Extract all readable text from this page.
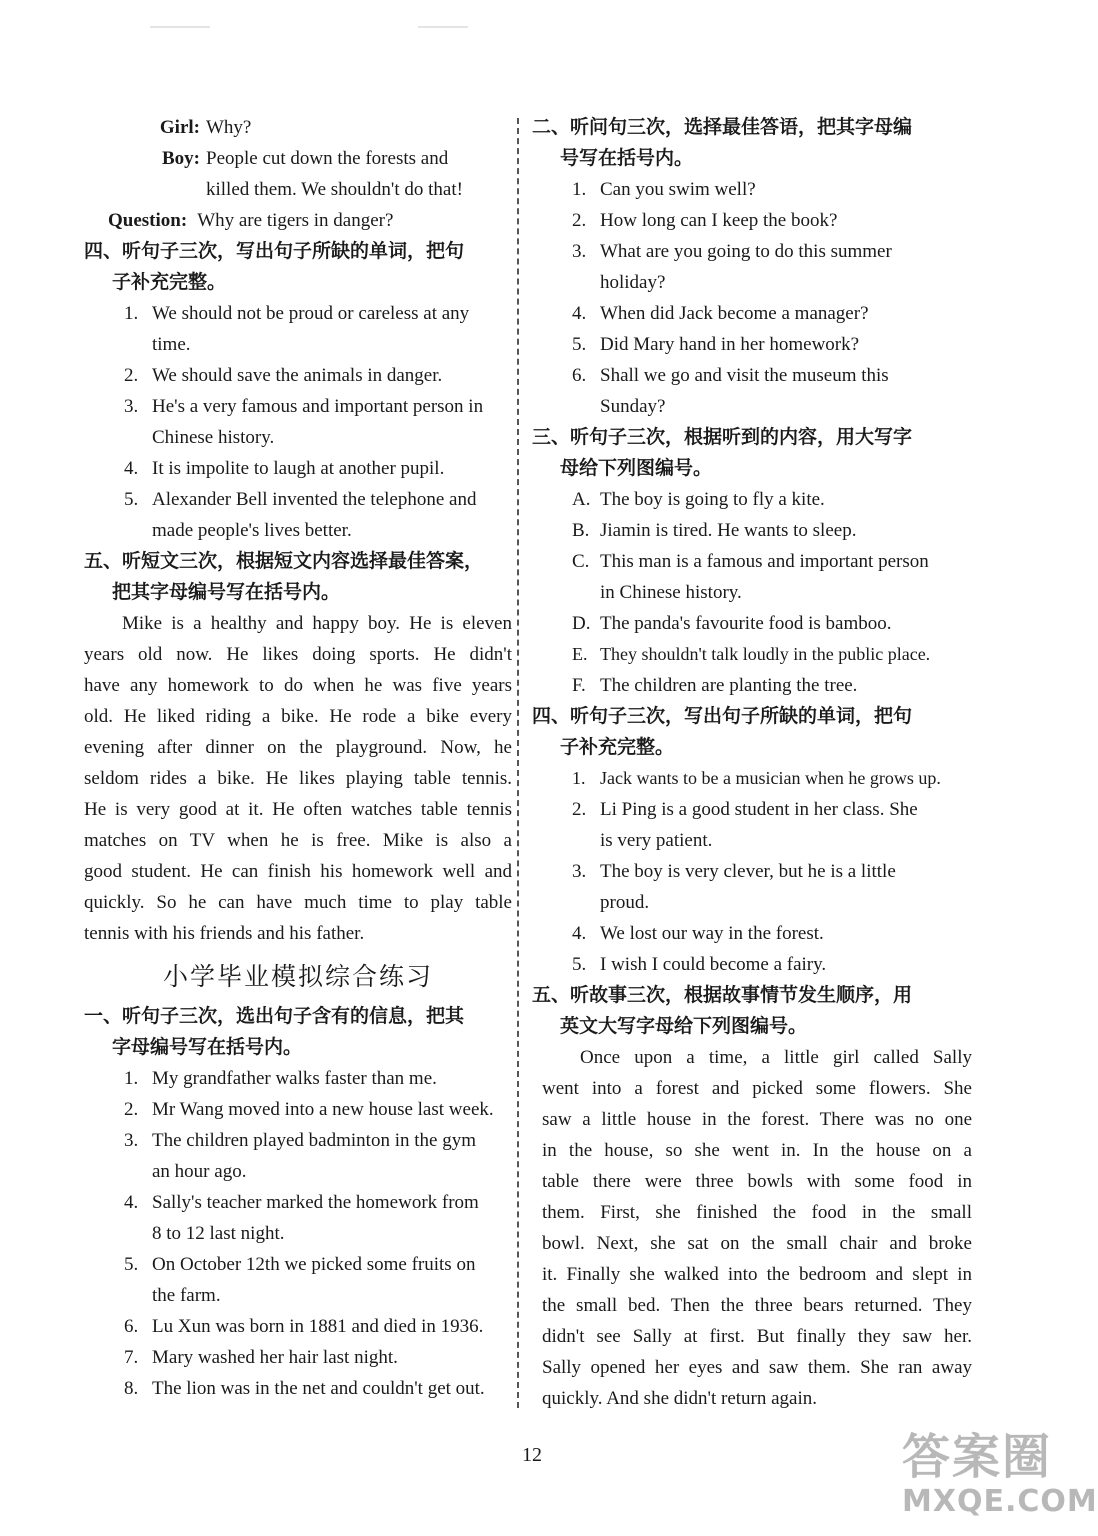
Girl: Why?
Boy: People cut down the forests and
killed them. We shouldn't do that!
Question: Why are tigers in danger?
四、听句子三次，写出句子所缺的单词，把句
子补充完整。
1. We should not be proud or careless at any
time.
2. We should save the animals in danger.
3. He's a very famous and important person in
Chinese history.
4. It is impolite to laugh at another pupil.
5. Alexander Bell invented the telephone and
made people's lives better.
五、听短文三次，根据短文内容选择最佳答案，
把其字母编号写在括号内。
Mike is a healthy and happy boy. He is eleven
years old now. He likes doing sports. He didn't
have any homework to do when he was five years
old. He liked riding a bike. He rode a bike every
evening after dinner on the playground. Now, he
seldom rides a bike. He likes playing table tennis.
He is very good at it. He often watches table tennis
matches on TV when he is free. Mike is also a
good student. He can finish his homework well and
quickly. So he can have much time to play table
tennis with his friends and his father.
小学毕业模拟综合练习
一、听句子三次，选出句子含有的信息，把其
字母编号写在括号内。
1. My grandfather walks faster than me.
2. Mr Wang moved into a new house last week.
3. The children played badminton in the gym
an hour ago.
4. Sally's teacher marked the homework from
8 to 12 last night.
5. On October 12th we picked some fruits on
the farm.
6. Lu Xun was born in 1881 and died in 1936.
7. Mary washed her hair last night.
8. The lion was in the net and couldn't get out.
二、听问句三次，选择最佳答语，把其字母编
号写在括号内。
1. Can you swim well?
2. How long can I keep the book?
3. What are you going to do this summer
holiday?
4. When did Jack become a manager?
5. Did Mary hand in her homework?
6. Shall we go and visit the museum this
Sunday?
三、听句子三次，根据听到的内容，用大写字
母给下列图编号。
A. The boy is going to fly a kite.
B. Jiamin is tired. He wants to sleep.
C. This man is a famous and important person
in Chinese history.
D. The panda's favourite food is bamboo.
E. They shouldn't talk loudly in the public place.
F. The children are planting the tree.
四、听句子三次，写出句子所缺的单词，把句
子补充完整。
1. Jack wants to be a musician when he grows up.
2. Li Ping is a good student in her class. She
is very patient.
3. The boy is very clever, but he is a little
proud.
4. We lost our way in the forest.
5. I wish I could become a fairy.
五、听故事三次，根据故事情节发生顺序，用
英文大写字母给下列图编号。
Once upon a time, a little girl called Sally
went into a forest and picked some flowers. She
saw a little house in the forest. There was no one
in the house, so she went in. In the house on a
table there were three bowls with some food in
them. First, she finished the food in the small
bowl. Next, she sat on the small chair and broke
it. Finally she walked into the bedroom and slept in
the small bed. Then the three bears returned. They
didn't see Sally at first. But finally they saw her.
Sally opened her eyes and saw them. She ran away
quickly. And she didn't return again.
12	答案圈
MXQE.COM
